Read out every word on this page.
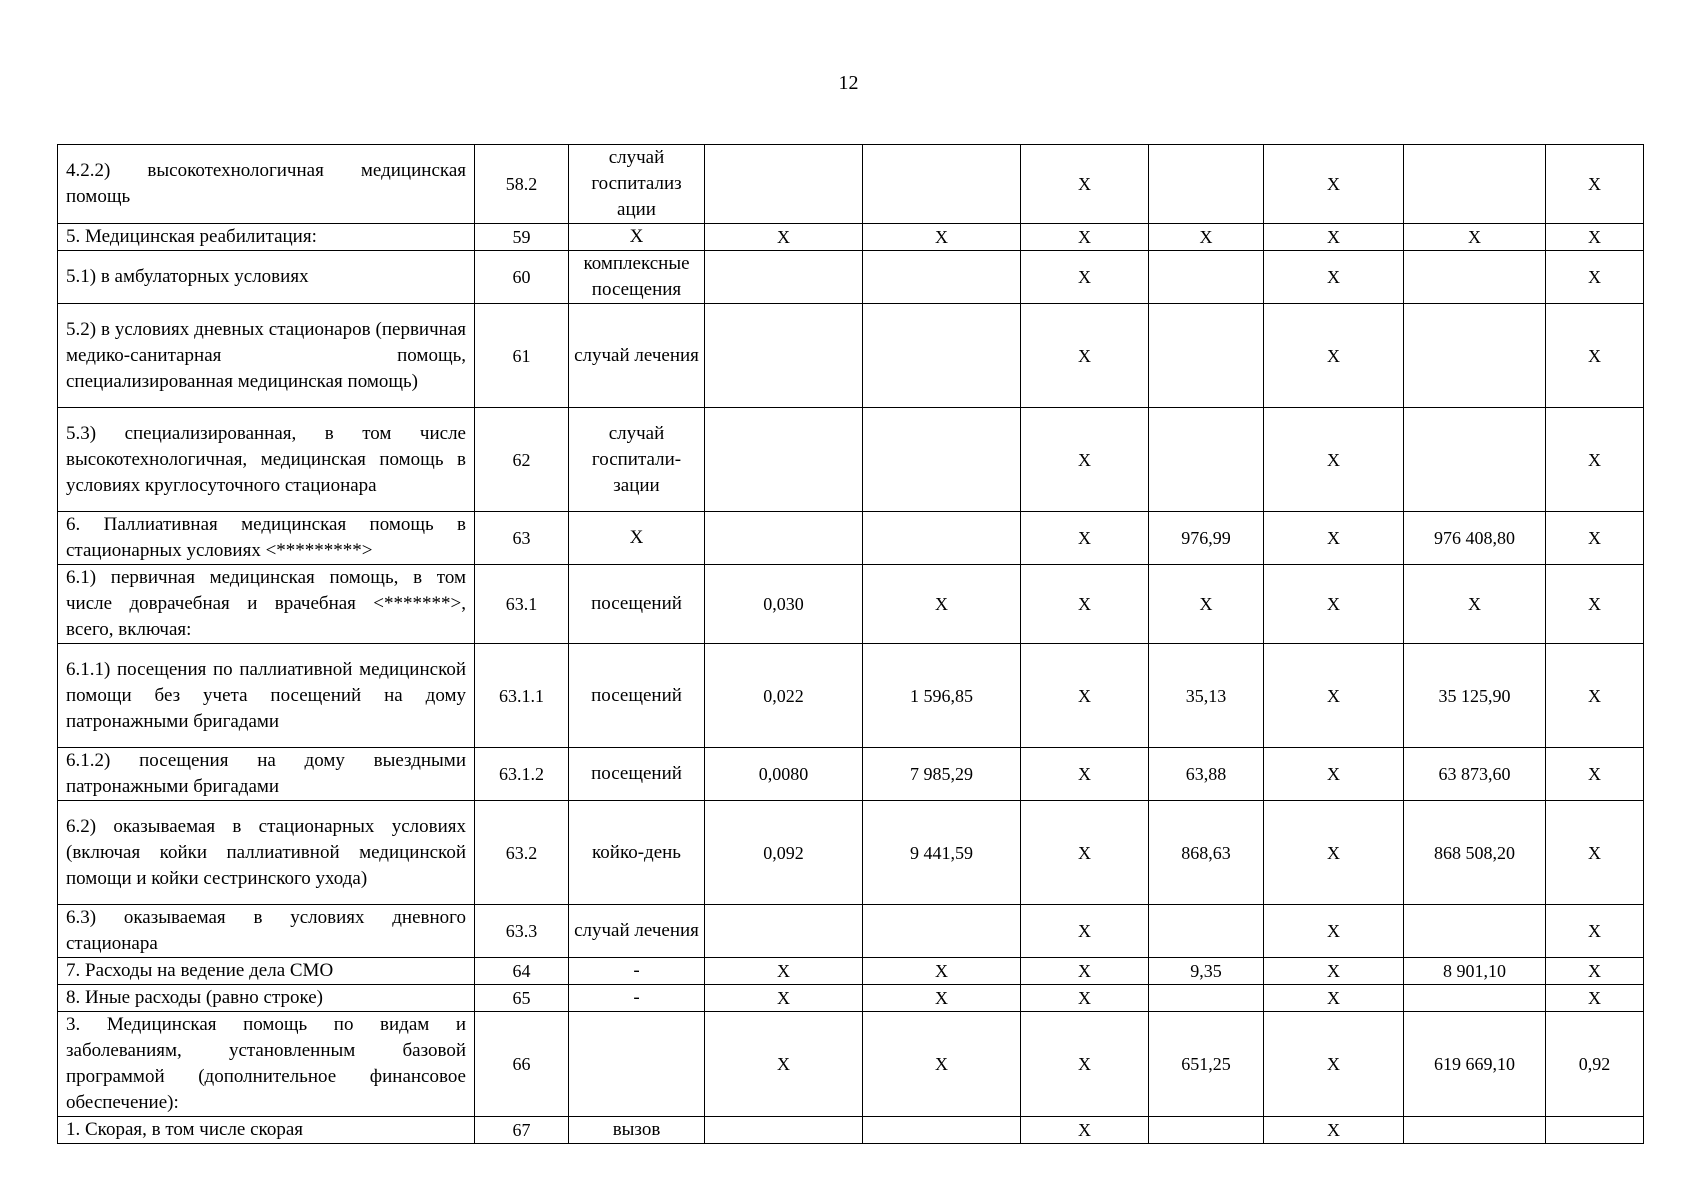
12
4.2.2) высокотехнологичная медицинская помощь	58.2	случай госпитализ ации			X		X		X
5. Медицинская реабилитация:	59	X	X	X	X	X	X	X	X
5.1) в амбулаторных условиях	60	комплексные посещения			X		X		X
5.2) в условиях дневных стационаров (первичная медико-санитарная помощь, специализированная медицинская помощь)	61	случай лечения			X		X		X
5.3) специализированная, в том числе высокотехнологичная, медицинская помощь в условиях круглосуточного стационара	62	случай госпитали-зации			X		X		X
6. Паллиативная медицинская помощь в стационарных условиях <*********>	63	X			X	976,99	X	976 408,80	X
6.1) первичная медицинская помощь, в том числе доврачебная и врачебная <*******>, всего, включая:	63.1	посещений	0,030	X	X	X	X	X	X
6.1.1) посещения по паллиативной медицинской помощи без учета посещений на дому патронажными бригадами	63.1.1	посещений	0,022	1 596,85	X	35,13	X	35 125,90	X
6.1.2) посещения на дому выездными патронажными бригадами	63.1.2	посещений	0,0080	7 985,29	X	63,88	X	63 873,60	X
6.2) оказываемая в стационарных условиях (включая койки паллиативной медицинской помощи и койки сестринского ухода)	63.2	койко-день	0,092	9 441,59	X	868,63	X	868 508,20	X
6.3) оказываемая в условиях дневного стационара	63.3	случай лечения			X		X		X
7. Расходы на ведение дела СМО	64	-	X	X	X	9,35	X	8 901,10	X
8. Иные расходы (равно строке)	65	-	X	X	X		X		X
3. Медицинская помощь по видам и заболеваниям, установленным базовой программой (дополнительное финансовое обеспечение):	66		X	X	X	651,25	X	619 669,10	0,92
1. Скорая, в том числе скорая	67	вызов			X		X		
